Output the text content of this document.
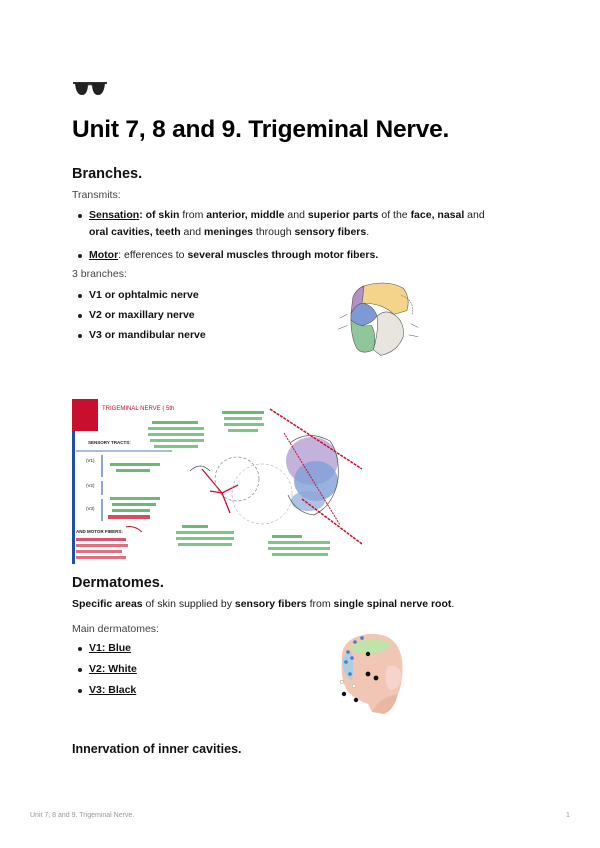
Unit 7, 8 and 9. Trigeminal Nerve.
Branches.
Transmits:
Sensation: of skin from anterior, middle and superior parts of the face, nasal and oral cavities, teeth and meninges through sensory fibers.
Motor: efferences to several muscles through motor fibers.
3 branches:
V1 or ophtalmic nerve
V2 or maxillary nerve
V3 or mandibular nerve
TRIGEMINAL NERVE ( 5th
SENSORY TRACTS:
(V1)
(V2)
(V3)
AND MOTOR FIBERS:
Dermatomes.
Specific areas of skin supplied by sensory fibers from single spinal nerve root.
Main dermatomes:
V1: Blue
V2: White
V3: Black
Innervation of inner cavities.
Unit 7, 8 and 9. Trigeminal Nerve.	1
